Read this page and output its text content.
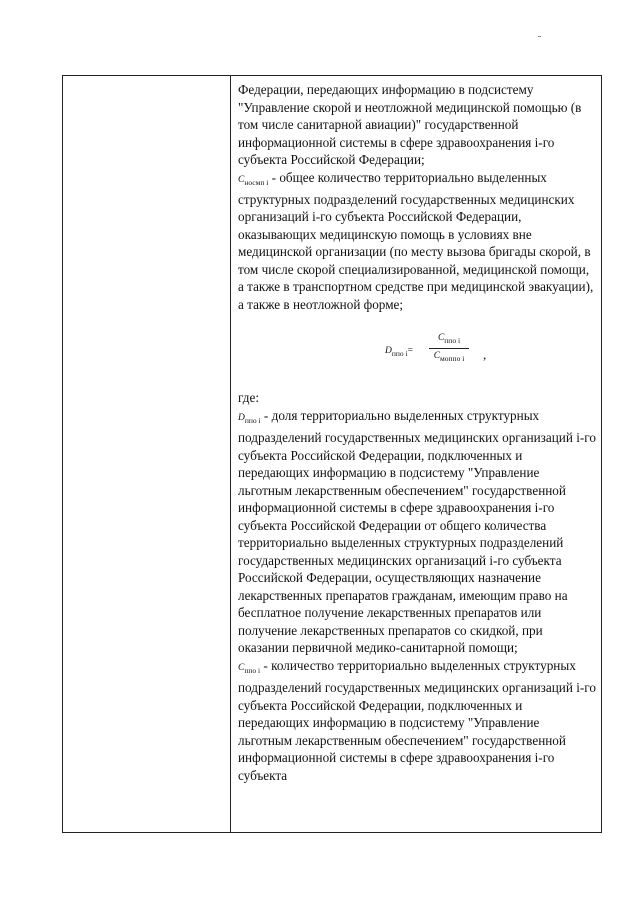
Федерации, передающих информацию в подсистему "Управление скорой и неотложной медицинской помощью (в том числе санитарной авиации)" государственной информационной системы в сфере здравоохранения i-го субъекта Российской Федерации;

$C_{носмп i}$ - общее количество территориально выделенных структурных подразделений государственных медицинских организаций i-го субъекта Российской Федерации, оказывающих медицинскую помощь в условиях вне медицинской организации (по месту вызова бригады скорой, в том числе скорой специализированной, медицинской помощи, а также в транспортном средстве при медицинской эвакуации), а также в неотложной форме;

$D_{ппо i}=$
$C_{ппо i}$
$C_{моппо i}$	,

где:

$D_{ппо i}$ - доля территориально выделенных структурных подразделений государственных медицинских организаций i-го субъекта Российской Федерации, подключенных и передающих информацию в подсистему "Управление льготным лекарственным обеспечением" государственной информационной системы в сфере здравоохранения i-го субъекта Российской Федерации от общего количества территориально выделенных структурных подразделений государственных медицинских организаций i-го субъекта Российской Федерации, осуществляющих назначение лекарственных препаратов гражданам, имеющим право на бесплатное получение лекарственных препаратов или получение лекарственных препаратов со скидкой, при оказании первичной медико-санитарной помощи;

$C_{ппо i}$ - количество территориально выделенных структурных подразделений государственных медицинских организаций i-го субъекта Российской Федерации, подключенных и передающих информацию в подсистему "Управление льготным лекарственным обеспечением" государственной информационной системы в сфере здравоохранения i-го субъекта
